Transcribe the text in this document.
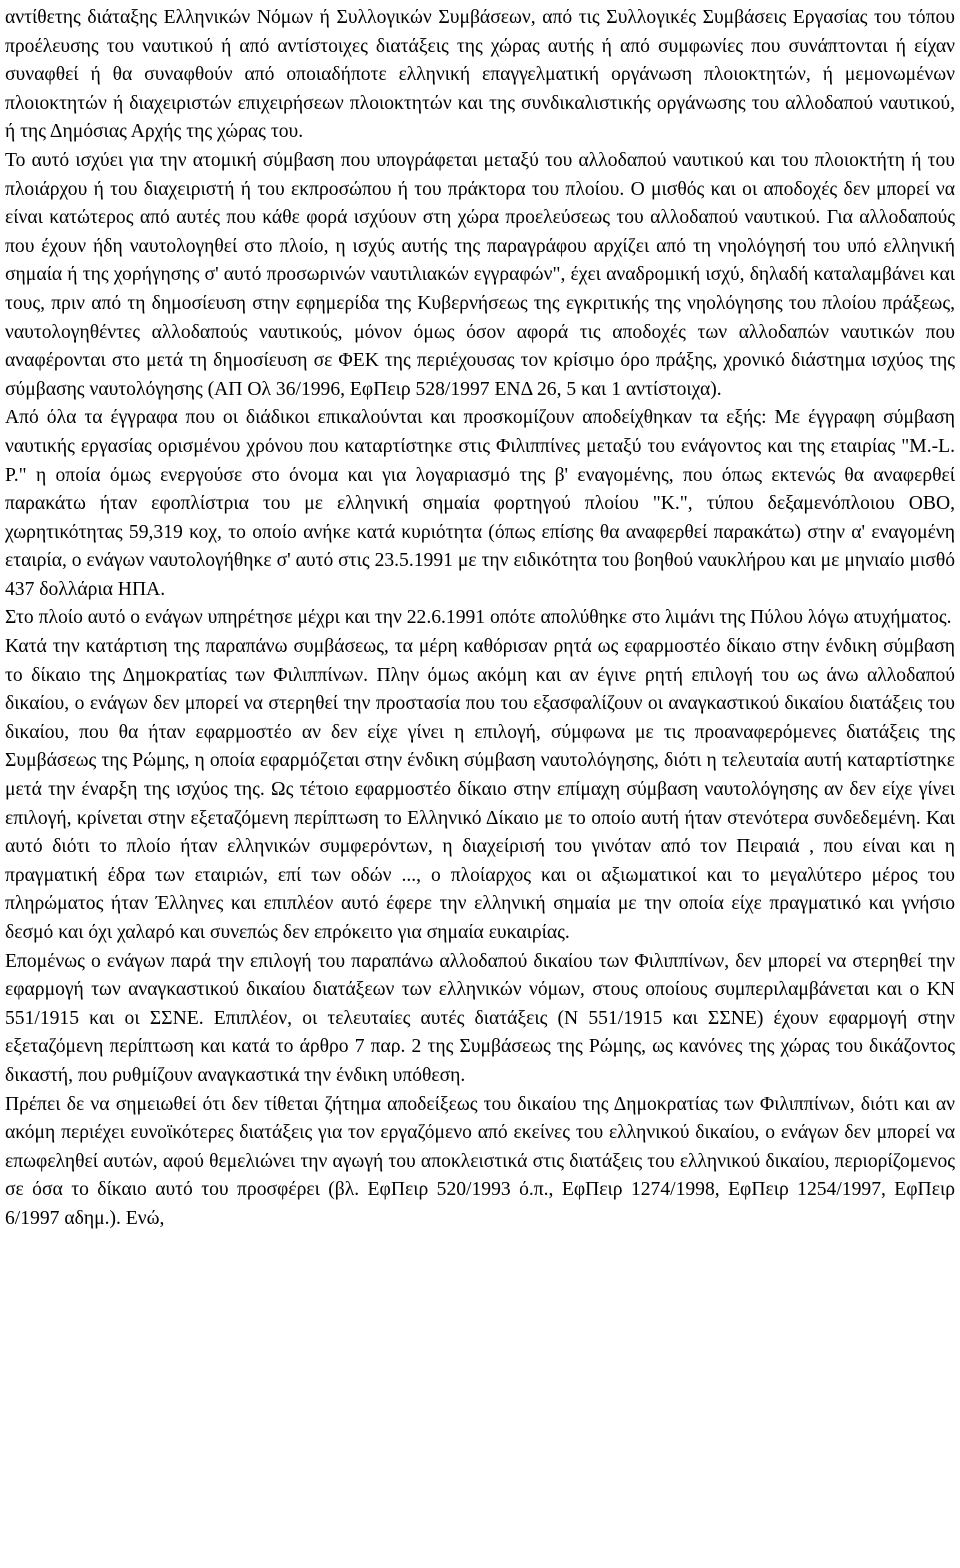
αντίθετης διάταξης Ελληνικών Νόμων ή Συλλογικών Συμβάσεων, από τις Συλλογικές Συμβάσεις Εργασίας του τόπου προέλευσης του ναυτικού ή από αντίστοιχες διατάξεις της χώρας αυτής ή από συμφωνίες που συνάπτονται ή είχαν συναφθεί ή θα συναφθούν από οποιαδήποτε ελληνική επαγγελματική οργάνωση πλοιοκτητών, ή μεμονωμένων πλοιοκτητών ή διαχειριστών επιχειρήσεων πλοιοκτητών και της συνδικαλιστικής οργάνωσης του αλλοδαπού ναυτικού, ή της Δημόσιας Αρχής της χώρας του.

Το αυτό ισχύει για την ατομική σύμβαση που υπογράφεται μεταξύ του αλλοδαπού ναυτικού και του πλοιοκτήτη ή του πλοιάρχου ή του διαχειριστή ή του εκπροσώπου ή του πράκτορα του πλοίου. Ο μισθός και οι αποδοχές δεν μπορεί να είναι κατώτερος από αυτές που κάθε φορά ισχύουν στη χώρα προελεύσεως του αλλοδαπού ναυτικού. Για αλλοδαπούς που έχουν ήδη ναυτολογηθεί στο πλοίο, η ισχύς αυτής της παραγράφου αρχίζει από τη νηολόγησή του υπό ελληνική σημαία ή της χορήγησης σ' αυτό προσωρινών ναυτιλιακών εγγραφών", έχει αναδρομική ισχύ, δηλαδή καταλαμβάνει και τους, πριν από τη δημοσίευση στην εφημερίδα της Κυβερνήσεως της εγκριτικής της νηολόγησης του πλοίου πράξεως, ναυτολογηθέντες αλλοδαπούς ναυτικούς, μόνον όμως όσον αφορά τις αποδοχές των αλλοδαπών ναυτικών που αναφέρονται στο μετά τη δημοσίευση σε ΦΕΚ της περιέχουσας τον κρίσιμο όρο πράξης, χρονικό διάστημα ισχύος της σύμβασης ναυτολόγησης (ΑΠ Ολ 36/1996, ΕφΠειρ 528/1997 ΕΝΔ 26, 5 και 1 αντίστοιχα).

Από όλα τα έγγραφα που οι διάδικοι επικαλούνται και προσκομίζουν αποδείχθηκαν τα εξής: Με έγγραφη σύμβαση ναυτικής εργασίας ορισμένου χρόνου που καταρτίστηκε στις Φιλιππίνες μεταξύ του ενάγοντος και της εταιρίας "M.-L. P." η οποία όμως ενεργούσε στο όνομα και για λογαριασμό της β' εναγομένης, που όπως εκτενώς θα αναφερθεί παρακάτω ήταν εφοπλίστρια του με ελληνική σημαία φορτηγού πλοίου "Κ.", τύπου δεξαμενόπλοιου ΟΒΟ, χωρητικότητας 59,319 κοχ, το οποίο ανήκε κατά κυριότητα (όπως επίσης θα αναφερθεί παρακάτω) στην α' εναγομένη εταιρία, ο ενάγων ναυτολογήθηκε σ' αυτό στις 23.5.1991 με την ειδικότητα του βοηθού ναυκλήρου και με μηνιαίο μισθό 437 δολλάρια ΗΠΑ.

Στο πλοίο αυτό ο ενάγων υπηρέτησε μέχρι και την 22.6.1991 οπότε απολύθηκε στο λιμάνι της Πύλου λόγω ατυχήματος.

Κατά την κατάρτιση της παραπάνω συμβάσεως, τα μέρη καθόρισαν ρητά ως εφαρμοστέο δίκαιο στην ένδικη σύμβαση το δίκαιο της Δημοκρατίας των Φιλιππίνων. Πλην όμως ακόμη και αν έγινε ρητή επιλογή του ως άνω αλλοδαπού δικαίου, ο ενάγων δεν μπορεί να στερηθεί την προστασία που του εξασφαλίζουν οι αναγκαστικού δικαίου διατάξεις του δικαίου, που θα ήταν εφαρμοστέο αν δεν είχε γίνει η επιλογή, σύμφωνα με τις προαναφερόμενες διατάξεις της Συμβάσεως της Ρώμης, η οποία εφαρμόζεται στην ένδικη σύμβαση ναυτολόγησης, διότι η τελευταία αυτή καταρτίστηκε μετά την έναρξη της ισχύος της. Ως τέτοιο εφαρμοστέο δίκαιο στην επίμαχη σύμβαση ναυτολόγησης αν δεν είχε γίνει επιλογή, κρίνεται στην εξεταζόμενη περίπτωση το Ελληνικό Δίκαιο με το οποίο αυτή ήταν στενότερα συνδεδεμένη. Και αυτό διότι το πλοίο ήταν ελληνικών συμφερόντων, η διαχείρισή του γινόταν από τον Πειραιά , που είναι και η πραγματική έδρα των εταιριών, επί των οδών ..., ο πλοίαρχος και οι αξιωματικοί και το μεγαλύτερο μέρος του πληρώματος ήταν Έλληνες και επιπλέον αυτό έφερε την ελληνική σημαία με την οποία είχε πραγματικό και γνήσιο δεσμό και όχι χαλαρό και συνεπώς δεν επρόκειτο για σημαία ευκαιρίας.

Επομένως ο ενάγων παρά την επιλογή του παραπάνω αλλοδαπού δικαίου των Φιλιππίνων, δεν μπορεί να στερηθεί την εφαρμογή των αναγκαστικού δικαίου διατάξεων των ελληνικών νόμων, στους οποίους συμπεριλαμβάνεται και ο ΚΝ 551/1915 και οι ΣΣΝΕ. Επιπλέον, οι τελευταίες αυτές διατάξεις (Ν 551/1915 και ΣΣΝΕ) έχουν εφαρμογή στην εξεταζόμενη περίπτωση και κατά το άρθρο 7 παρ. 2 της Συμβάσεως της Ρώμης, ως κανόνες της χώρας του δικάζοντος δικαστή, που ρυθμίζουν αναγκαστικά την ένδικη υπόθεση.

Πρέπει δε να σημειωθεί ότι δεν τίθεται ζήτημα αποδείξεως του δικαίου της Δημοκρατίας των Φιλιππίνων, διότι και αν ακόμη περιέχει ευνοϊκότερες διατάξεις για τον εργαζόμενο από εκείνες του ελληνικού δικαίου, ο ενάγων δεν μπορεί να επωφεληθεί αυτών, αφού θεμελιώνει την αγωγή του αποκλειστικά στις διατάξεις του ελληνικού δικαίου, περιορίζομενος σε όσα το δίκαιο αυτό του προσφέρει (βλ. ΕφΠειρ 520/1993 ό.π., ΕφΠειρ 1274/1998, ΕφΠειρ 1254/1997, ΕφΠειρ 6/1997 αδημ.). Ενώ,
